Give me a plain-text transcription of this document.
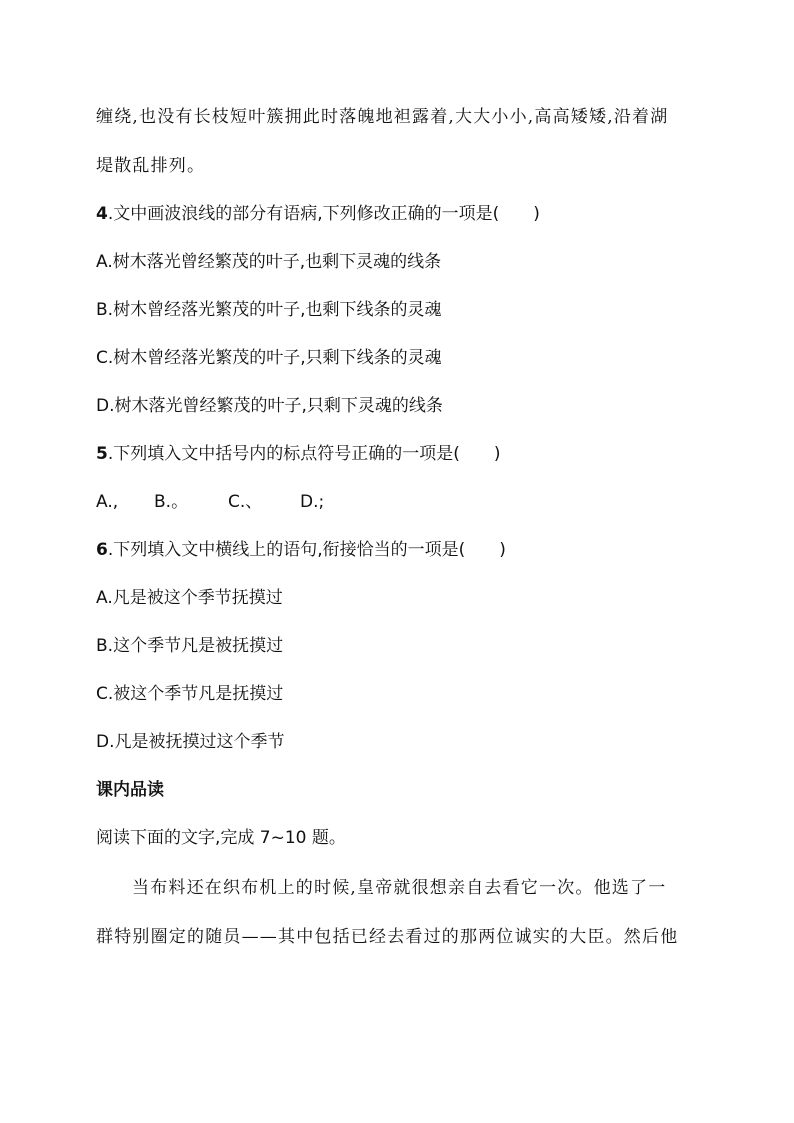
缠绕,也没有长枝短叶簇拥此时落魄地袒露着,大大小小,高高矮矮,沿着湖
堤散乱排列。
4.文中画波浪线的部分有语病,下列修改正确的一项是(　　)
A.树木落光曾经繁茂的叶子,也剩下灵魂的线条
B.树木曾经落光繁茂的叶子,也剩下线条的灵魂
C.树木曾经落光繁茂的叶子,只剩下线条的灵魂
D.树木落光曾经繁茂的叶子,只剩下灵魂的线条
5.下列填入文中括号内的标点符号正确的一项是(　　)
A., B.。 C.、 D.;
6.下列填入文中横线上的语句,衔接恰当的一项是(　　)
A.凡是被这个季节抚摸过
B.这个季节凡是被抚摸过
C.被这个季节凡是抚摸过
D.凡是被抚摸过这个季节
课内品读
阅读下面的文字,完成 7~10 题。
当布料还在织布机上的时候,皇帝就很想亲自去看它一次。他选了一
群特别圈定的随员——其中包括已经去看过的那两位诚实的大臣。然后他
